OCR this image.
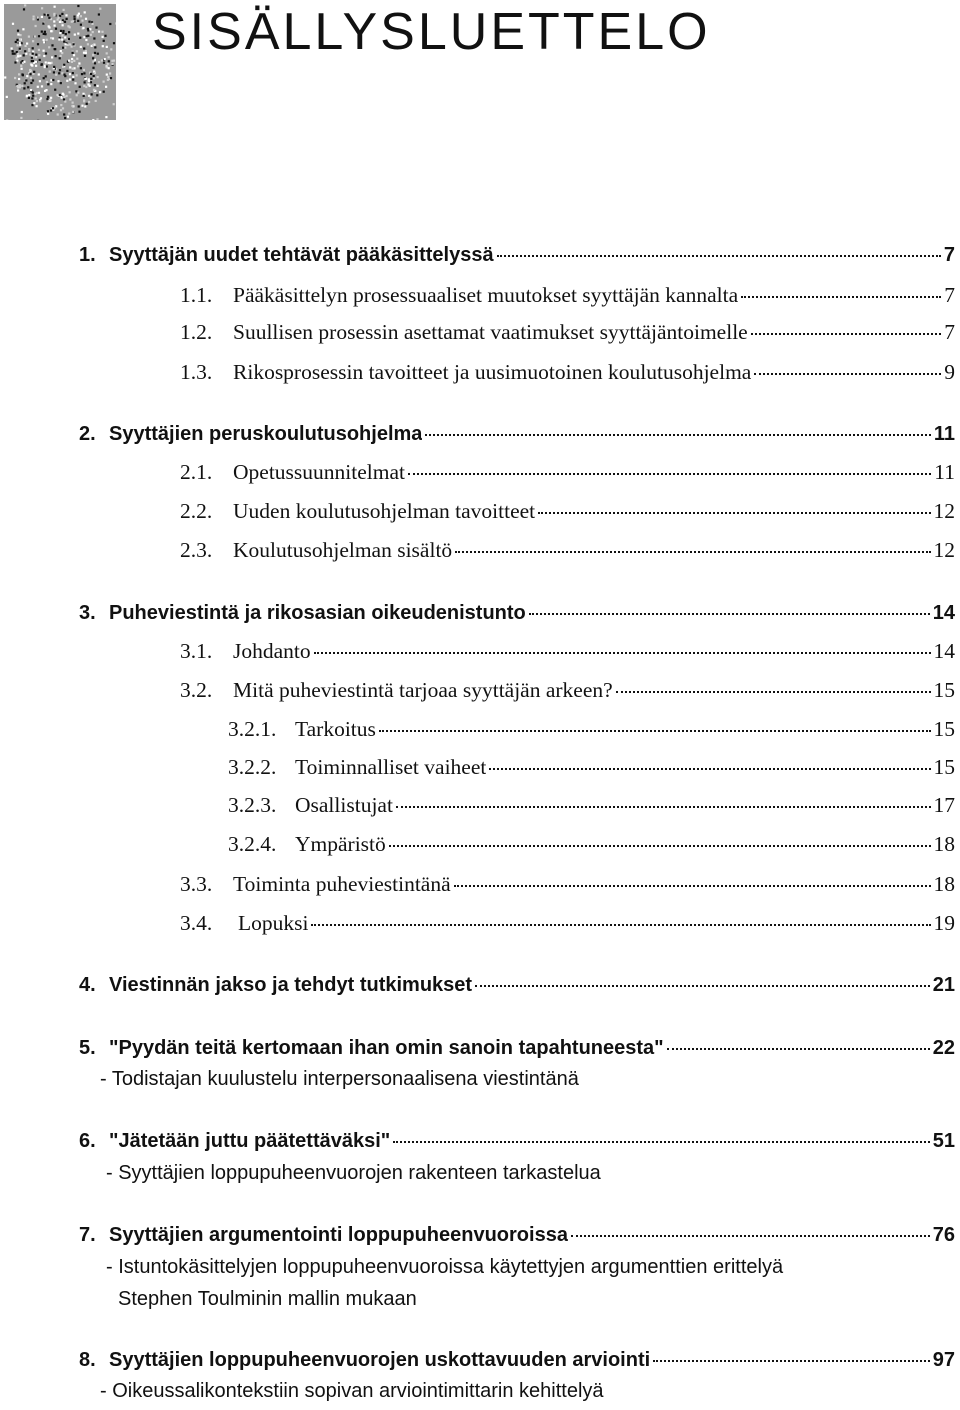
SISÄLLYSLUETTELO
1. Syyttäjän uudet tehtävät pääkäsittelyssä	7
1.1. Pääkäsittelyn prosessuaaliset muutokset syyttäjän kannalta	7
1.2. Suullisen prosessin asettamat vaatimukset syyttäjäntoimelle	7
1.3. Rikosprosessin tavoitteet ja uusimuotoinen koulutusohjelma	9
2. Syyttäjien peruskoulutusohjelma	11
2.1. Opetussuunnitelmat	11
2.2. Uuden koulutusohjelman tavoitteet	12
2.3. Koulutusohjelman sisältö	12
3. Puheviestintä ja rikosasian oikeudenistunto	14
3.1. Johdanto	14
3.2. Mitä puheviestintä tarjoaa syyttäjän arkeen?	15
3.2.1. Tarkoitus	15
3.2.2. Toiminnalliset vaiheet	15
3.2.3. Osallistujat	17
3.2.4. Ympäristö	18
3.3. Toiminta puheviestintänä	18
3.4.	Lopuksi	19
4. Viestinnän jakso ja tehdyt tutkimukset	21
5. "Pyydän teitä kertomaan ihan omin sanoin tapahtuneesta"	22
- Todistajan kuulustelu interpersonaalisena viestintänä
6. "Jätetään juttu päätettäväksi"	51
- Syyttäjien loppupuheenvuorojen rakenteen tarkastelua
7. Syyttäjien argumentointi loppupuheenvuoroissa	76
- Istuntokäsittelyjen loppupuheenvuoroissa käytettyjen argumenttien erittelyä
Stephen Toulminin mallin mukaan
8. Syyttäjien loppupuheenvuorojen uskottavuuden arviointi	97
- Oikeussalikontekstiin sopivan arviointimittarin kehittelyä
